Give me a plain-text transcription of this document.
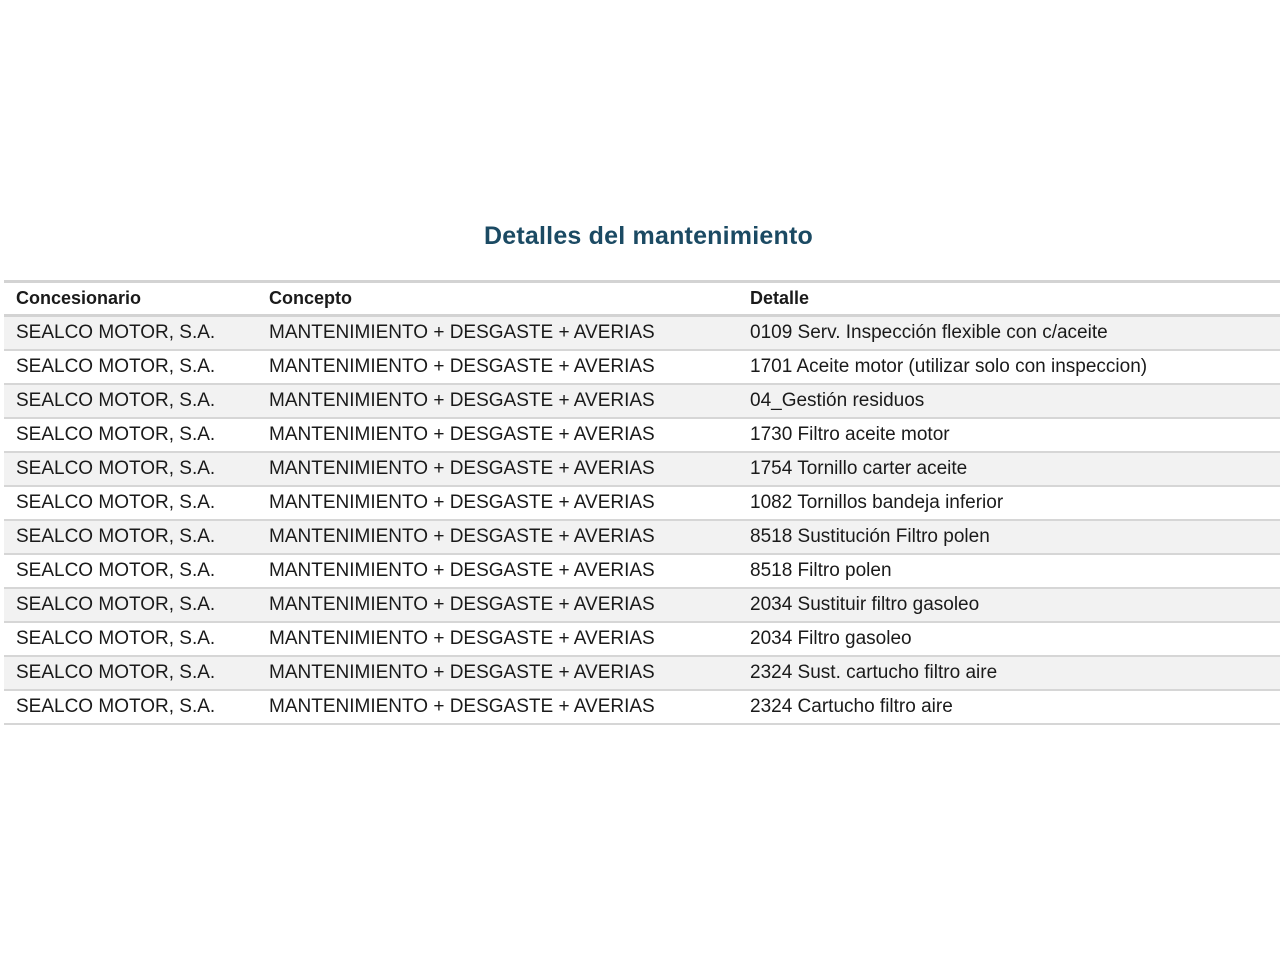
Detalles del mantenimiento
Concesionario	Concepto	Detalle
SEALCO MOTOR, S.A.	MANTENIMIENTO + DESGASTE + AVERIAS	0109 Serv. Inspección flexible con c/aceite
SEALCO MOTOR, S.A.	MANTENIMIENTO + DESGASTE + AVERIAS	1701 Aceite motor (utilizar solo con inspeccion)
SEALCO MOTOR, S.A.	MANTENIMIENTO + DESGASTE + AVERIAS	04_Gestión residuos
SEALCO MOTOR, S.A.	MANTENIMIENTO + DESGASTE + AVERIAS	1730 Filtro aceite motor
SEALCO MOTOR, S.A.	MANTENIMIENTO + DESGASTE + AVERIAS	1754 Tornillo carter aceite
SEALCO MOTOR, S.A.	MANTENIMIENTO + DESGASTE + AVERIAS	1082 Tornillos bandeja inferior
SEALCO MOTOR, S.A.	MANTENIMIENTO + DESGASTE + AVERIAS	8518 Sustitución Filtro polen
SEALCO MOTOR, S.A.	MANTENIMIENTO + DESGASTE + AVERIAS	8518 Filtro polen
SEALCO MOTOR, S.A.	MANTENIMIENTO + DESGASTE + AVERIAS	2034 Sustituir filtro gasoleo
SEALCO MOTOR, S.A.	MANTENIMIENTO + DESGASTE + AVERIAS	2034 Filtro gasoleo
SEALCO MOTOR, S.A.	MANTENIMIENTO + DESGASTE + AVERIAS	2324 Sust. cartucho filtro aire
SEALCO MOTOR, S.A.	MANTENIMIENTO + DESGASTE + AVERIAS	2324 Cartucho filtro aire
